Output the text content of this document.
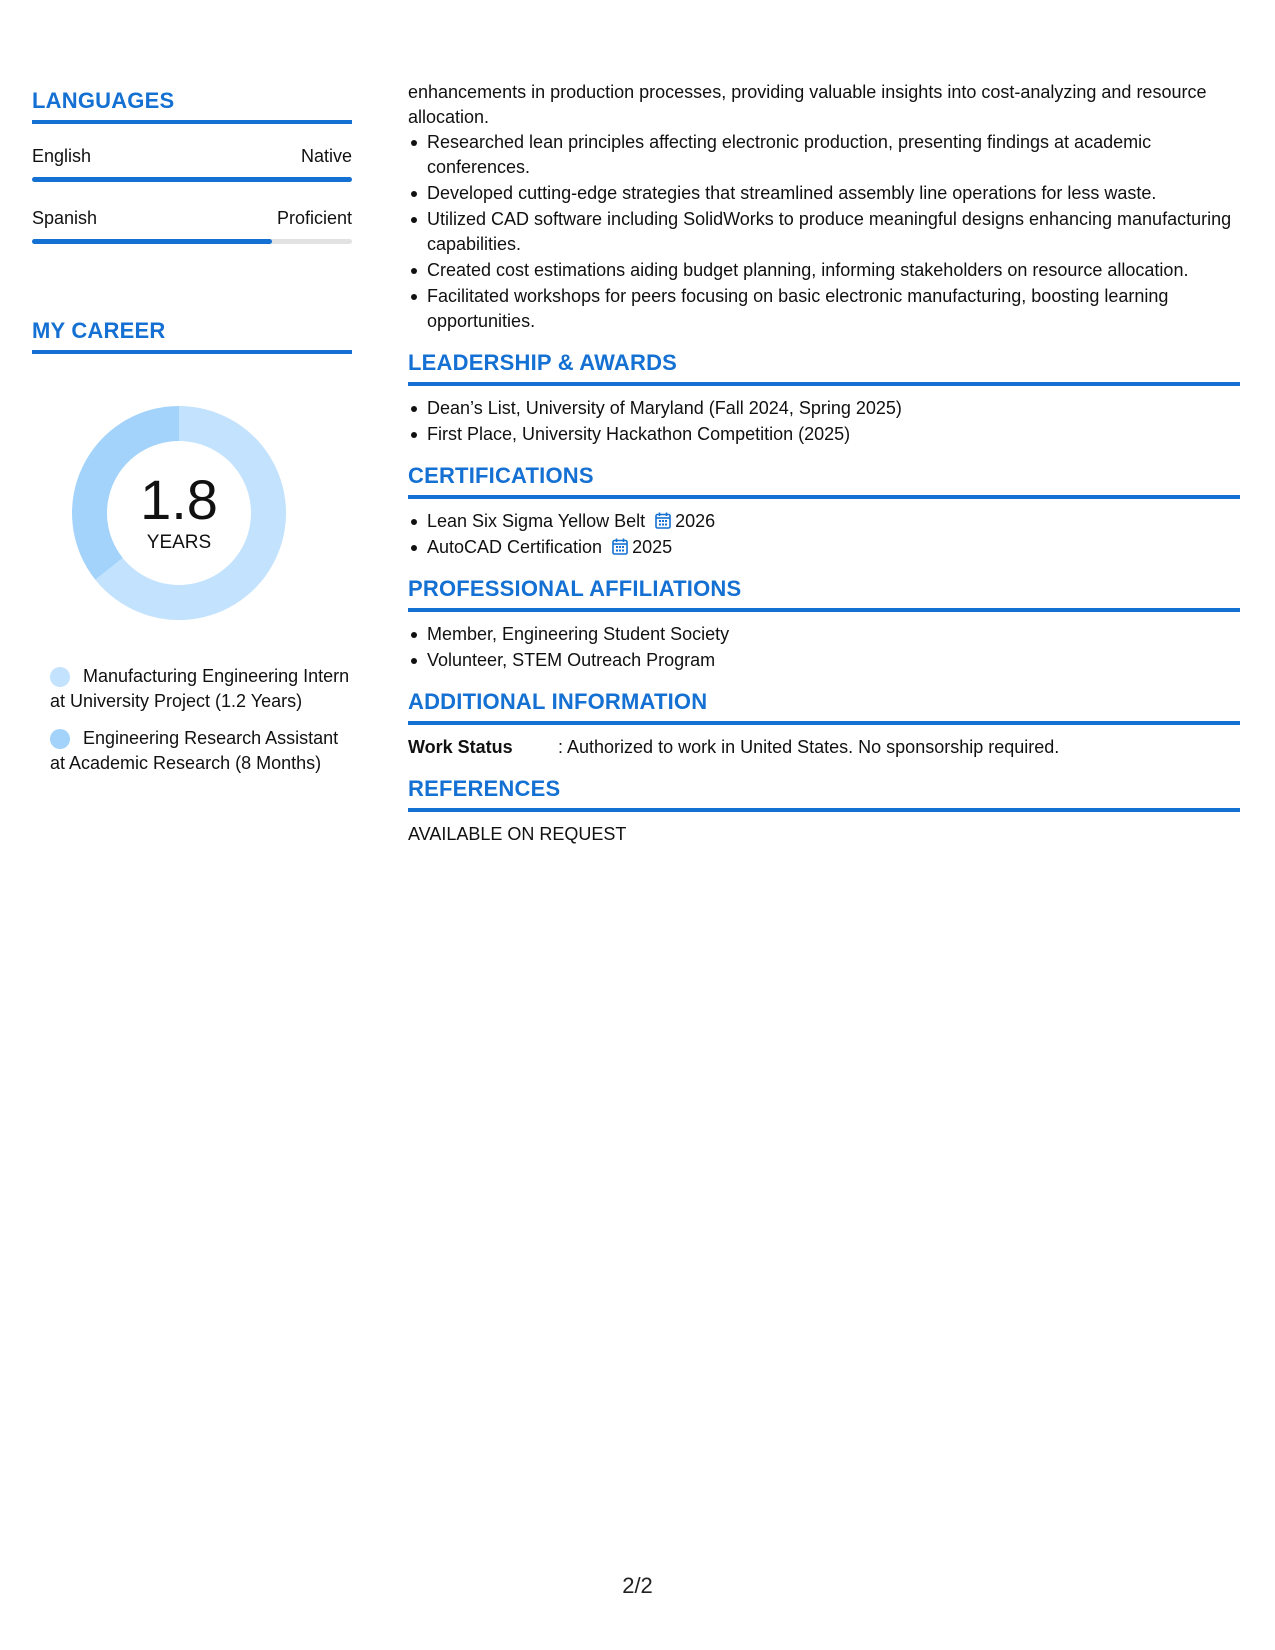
LANGUAGES
English	Native
Spanish	Proficient
MY CAREER
1.8
YEARS
Manufacturing Engineering Intern at University Project (1.2 Years)
Engineering Research Assistant at Academic Research (8 Months)
enhancements in production processes, providing valuable insights into cost-analyzing and resource allocation.
Researched lean principles affecting electronic production, presenting findings at academic conferences.
Developed cutting-edge strategies that streamlined assembly line operations for less waste.
Utilized CAD software including SolidWorks to produce meaningful designs enhancing manufacturing capabilities.
Created cost estimations aiding budget planning, informing stakeholders on resource allocation.
Facilitated workshops for peers focusing on basic electronic manufacturing, boosting learning opportunities.
LEADERSHIP & AWARDS
Dean’s List, University of Maryland (Fall 2024, Spring 2025)
First Place, University Hackathon Competition (2025)
CERTIFICATIONS
Lean Six Sigma Yellow Belt 2026
AutoCAD Certification 2025
PROFESSIONAL AFFILIATIONS
Member, Engineering Student Society
Volunteer, STEM Outreach Program
ADDITIONAL INFORMATION
Work Status	: Authorized to work in United States. No sponsorship required.
REFERENCES
AVAILABLE ON REQUEST
2/2
